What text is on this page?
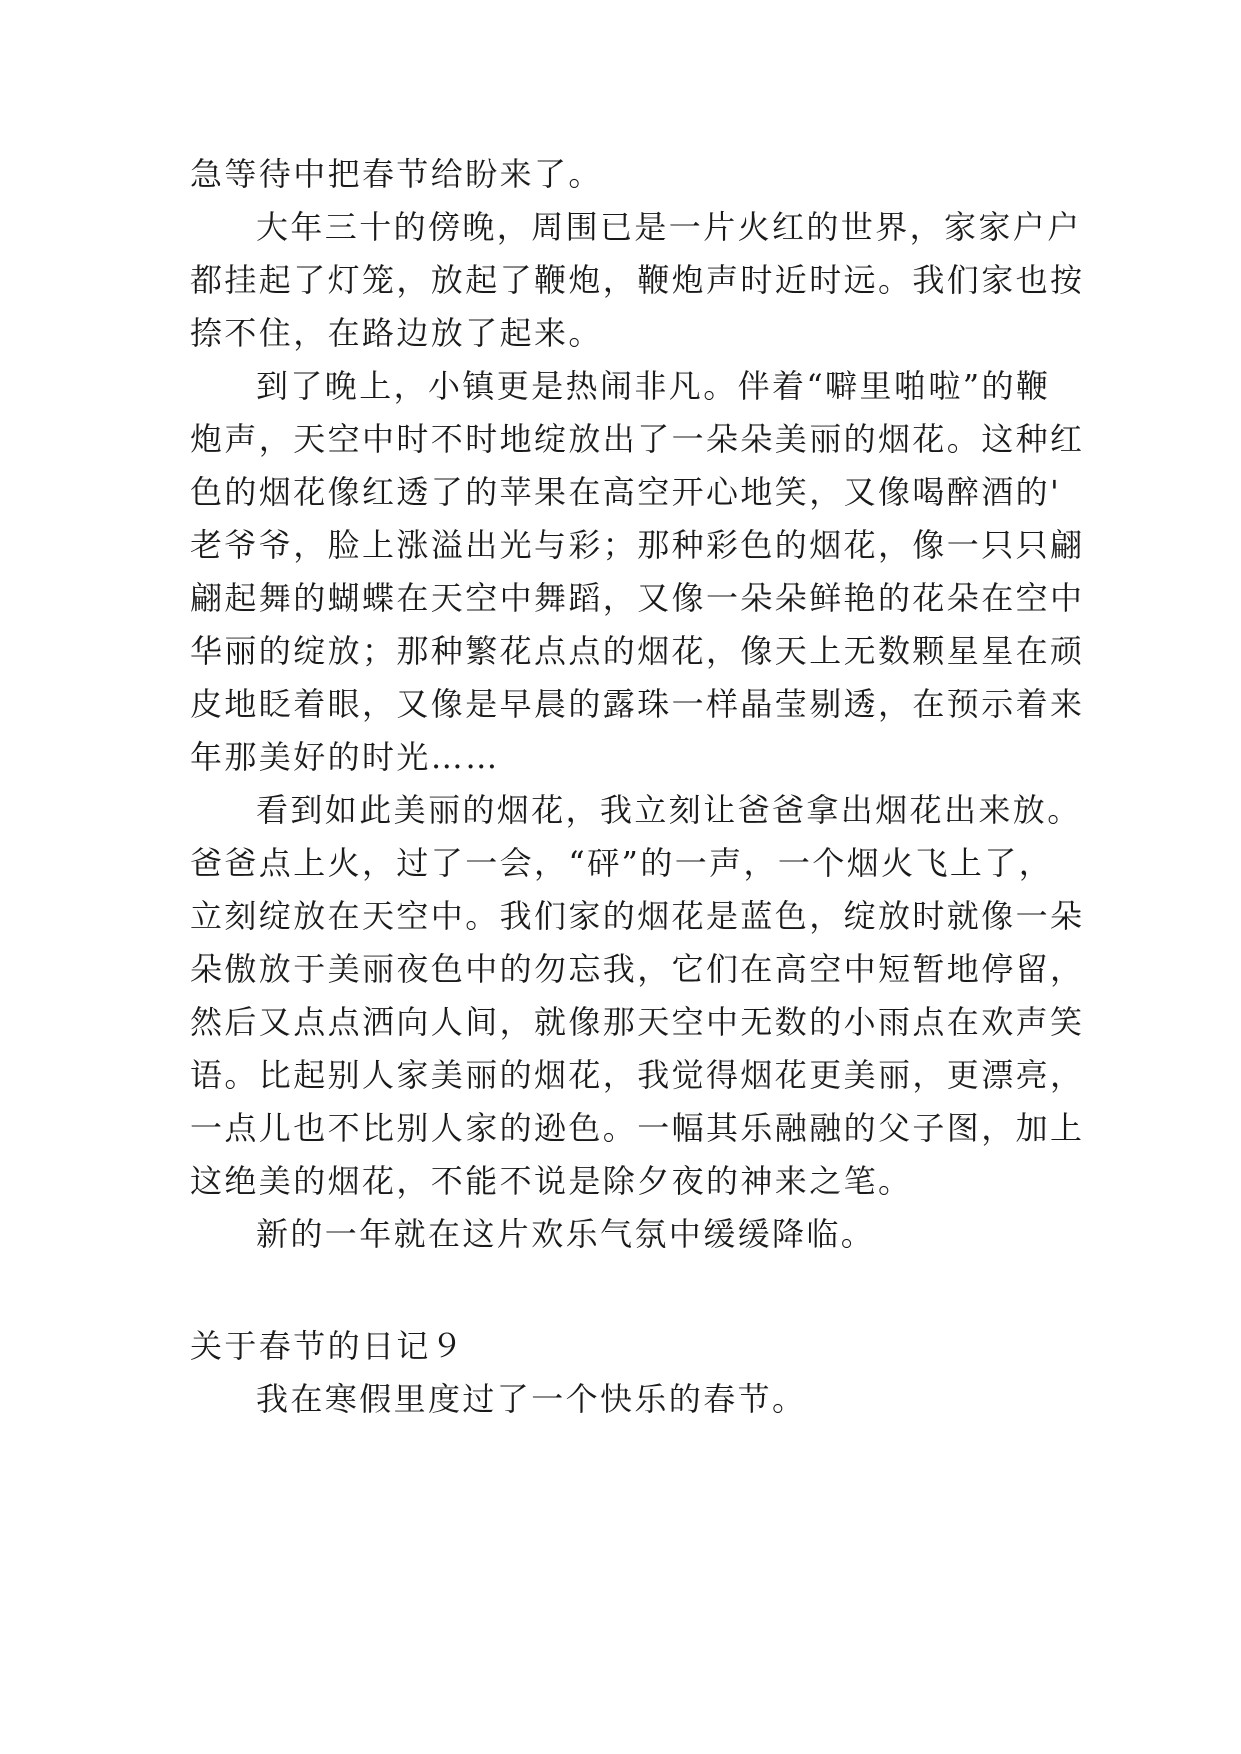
急等待中把春节给盼来了。
大年三十的傍晚，周围已是一片火红的世界，家家户户
都挂起了灯笼，放起了鞭炮，鞭炮声时近时远。我们家也按
捺不住，在路边放了起来。
到了晚上，小镇更是热闹非凡。伴着“噼里啪啦”的鞭
炮声，天空中时不时地绽放出了一朵朵美丽的烟花。这种红
色的烟花像红透了的苹果在高空开心地笑，又像喝醉酒的'
老爷爷，脸上涨溢出光与彩；那种彩色的烟花，像一只只翩
翩起舞的蝴蝶在天空中舞蹈，又像一朵朵鲜艳的花朵在空中
华丽的绽放；那种繁花点点的烟花，像天上无数颗星星在顽
皮地眨着眼，又像是早晨的露珠一样晶莹剔透，在预示着来
年那美好的时光……
看到如此美丽的烟花，我立刻让爸爸拿出烟花出来放。
爸爸点上火，过了一会，“砰”的一声，一个烟火飞上了，
立刻绽放在天空中。我们家的烟花是蓝色，绽放时就像一朵
朵傲放于美丽夜色中的勿忘我，它们在高空中短暂地停留，
然后又点点洒向人间，就像那天空中无数的小雨点在欢声笑
语。比起别人家美丽的烟花，我觉得烟花更美丽，更漂亮，
一点儿也不比别人家的逊色。一幅其乐融融的父子图，加上
这绝美的烟花，不能不说是除夕夜的神来之笔。
新的一年就在这片欢乐气氛中缓缓降临。
关于春节的日记９
我在寒假里度过了一个快乐的春节。
